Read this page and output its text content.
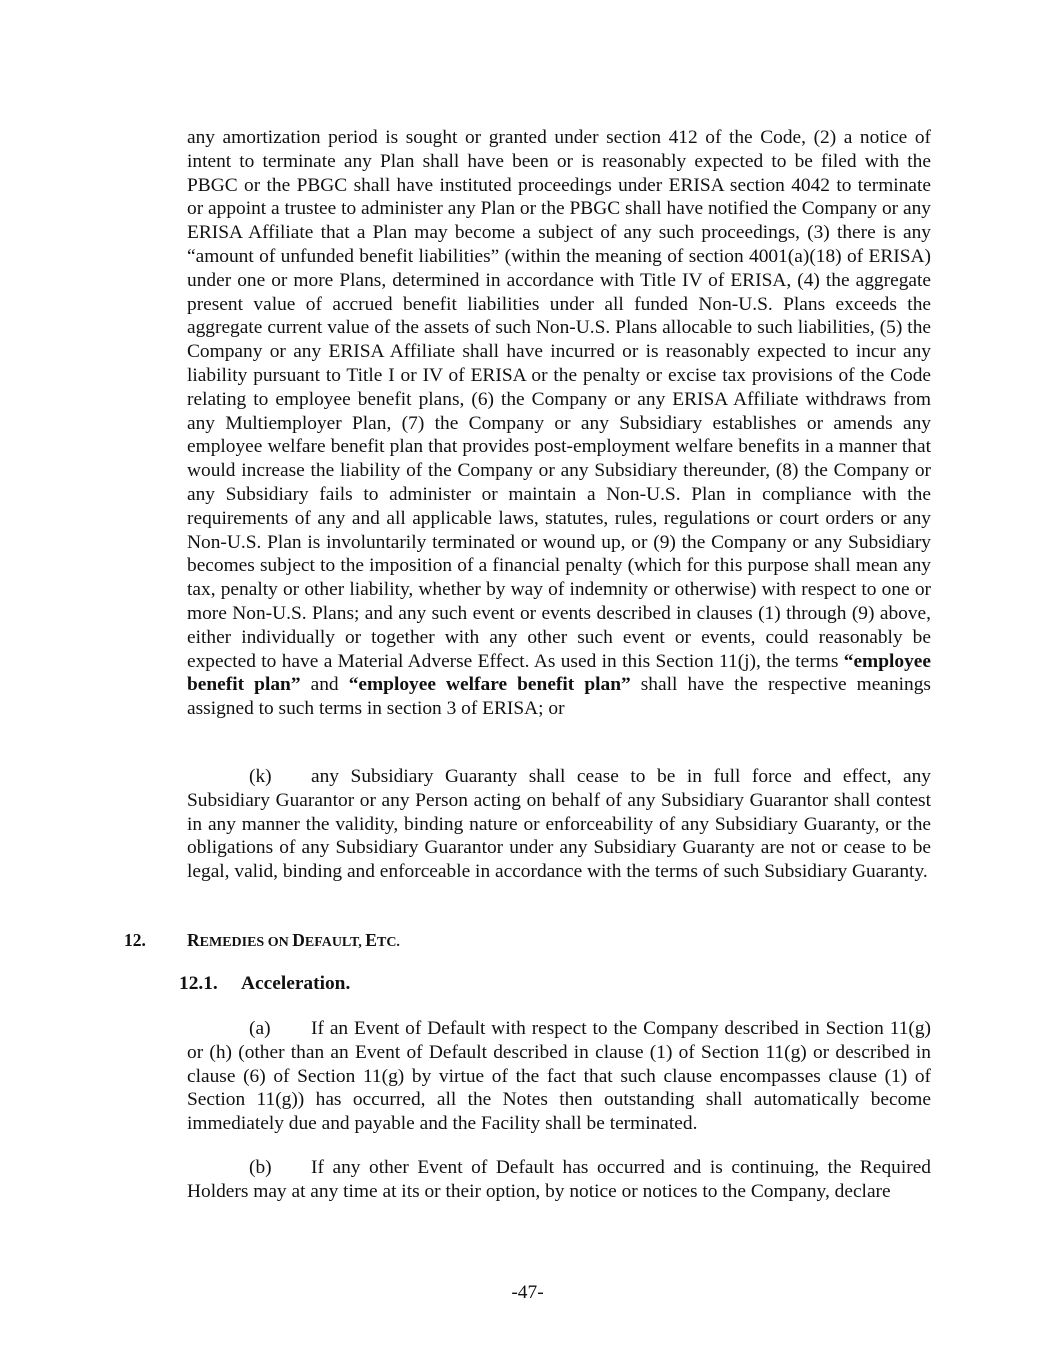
any amortization period is sought or granted under section 412 of the Code, (2) a notice of intent to terminate any Plan shall have been or is reasonably expected to be filed with the PBGC or the PBGC shall have instituted proceedings under ERISA section 4042 to terminate or appoint a trustee to administer any Plan or the PBGC shall have notified the Company or any ERISA Affiliate that a Plan may become a subject of any such proceedings, (3) there is any “amount of unfunded benefit liabilities” (within the meaning of section 4001(a)(18) of ERISA) under one or more Plans, determined in accordance with Title IV of ERISA, (4) the aggregate present value of accrued benefit liabilities under all funded Non-U.S. Plans exceeds the aggregate current value of the assets of such Non-U.S. Plans allocable to such liabilities, (5) the Company or any ERISA Affiliate shall have incurred or is reasonably expected to incur any liability pursuant to Title I or IV of ERISA or the penalty or excise tax provisions of the Code relating to employee benefit plans, (6) the Company or any ERISA Affiliate withdraws from any Multiemployer Plan, (7) the Company or any Subsidiary establishes or amends any employee welfare benefit plan that provides post-employment welfare benefits in a manner that would increase the liability of the Company or any Subsidiary thereunder, (8) the Company or any Subsidiary fails to administer or maintain a Non-U.S. Plan in compliance with the requirements of any and all applicable laws, statutes, rules, regulations or court orders or any Non-U.S. Plan is involuntarily terminated or wound up, or (9) the Company or any Subsidiary becomes subject to the imposition of a financial penalty (which for this purpose shall mean any tax, penalty or other liability, whether by way of indemnity or otherwise) with respect to one or more Non-U.S. Plans; and any such event or events described in clauses (1) through (9) above, either individually or together with any other such event or events, could reasonably be expected to have a Material Adverse Effect. As used in this Section 11(j), the terms “employee benefit plan” and “employee welfare benefit plan” shall have the respective meanings assigned to such terms in section 3 of ERISA; or

(k) any Subsidiary Guaranty shall cease to be in full force and effect, any Subsidiary Guarantor or any Person acting on behalf of any Subsidiary Guarantor shall contest in any manner the validity, binding nature or enforceability of any Subsidiary Guaranty, or the obligations of any Subsidiary Guarantor under any Subsidiary Guaranty are not or cease to be legal, valid, binding and enforceable in accordance with the terms of such Subsidiary Guaranty.

12. REMEDIES ON DEFAULT, ETC.
12.1. Acceleration.

(a) If an Event of Default with respect to the Company described in Section 11(g) or (h) (other than an Event of Default described in clause (1) of Section 11(g) or described in clause (6) of Section 11(g) by virtue of the fact that such clause encompasses clause (1) of Section 11(g)) has occurred, all the Notes then outstanding shall automatically become immediately due and payable and the Facility shall be terminated.

(b) If any other Event of Default has occurred and is continuing, the Required Holders may at any time at its or their option, by notice or notices to the Company, declare

-47-
